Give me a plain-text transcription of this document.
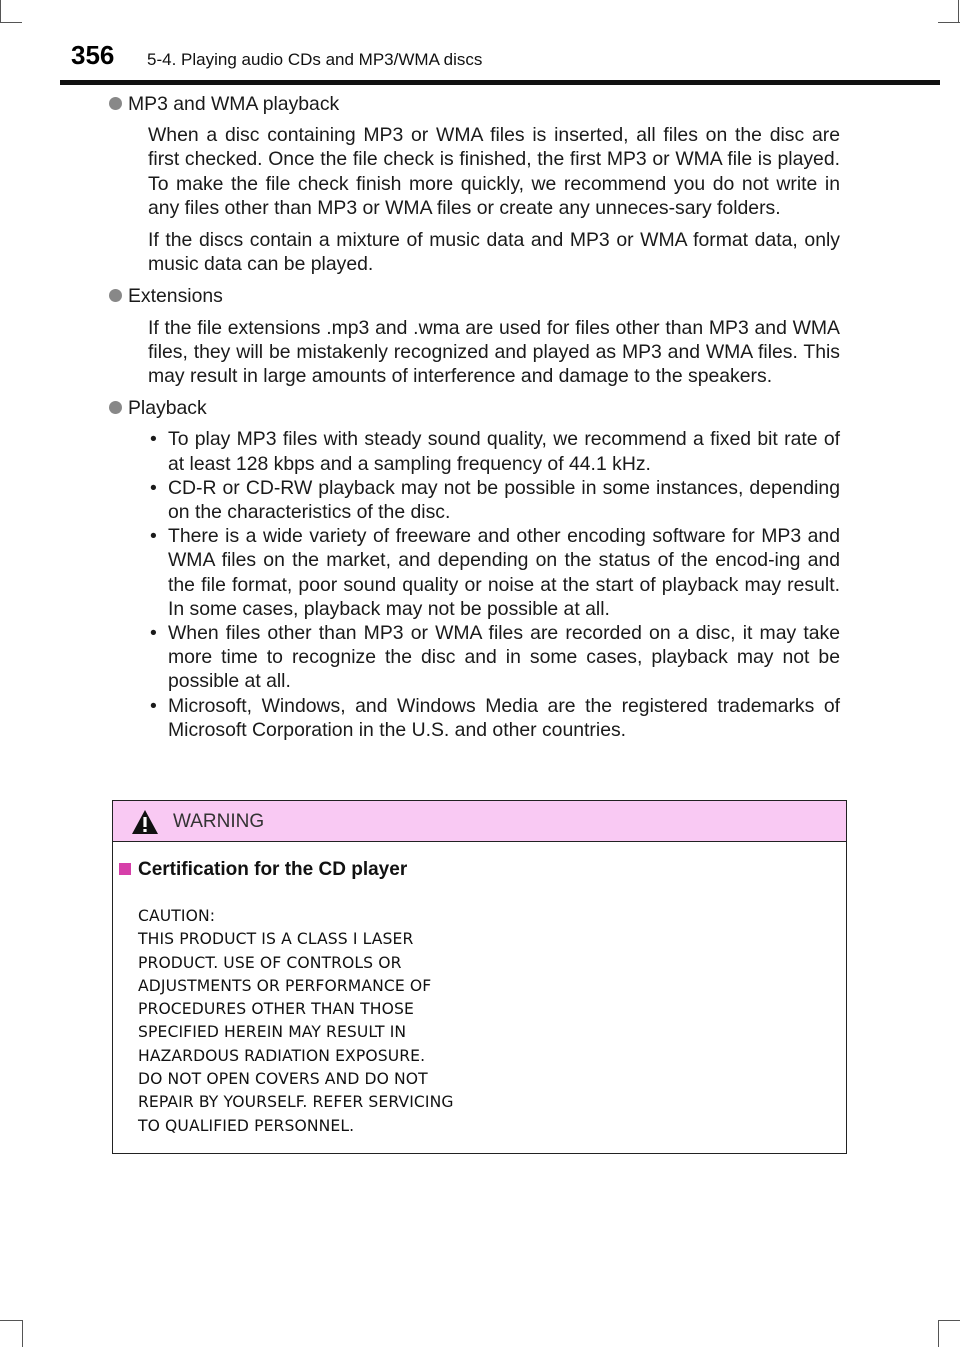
356 5-4. Playing audio CDs and MP3/WMA discs
MP3 and WMA playback

When a disc containing MP3 or WMA files is inserted, all files on the disc are first checked. Once the file check is finished, the first MP3 or WMA file is played. To make the file check finish more quickly, we recommend you do not write in any files other than MP3 or WMA files or create any unneces-sary folders.

If the discs contain a mixture of music data and MP3 or WMA format data, only music data can be played.

Extensions

If the file extensions .mp3 and .wma are used for files other than MP3 and WMA files, they will be mistakenly recognized and played as MP3 and WMA files. This may result in large amounts of interference and damage to the speakers.

Playback
• To play MP3 files with steady sound quality, we recommend a fixed bit rate of at least 128 kbps and a sampling frequency of 44.1 kHz.
• CD-R or CD-RW playback may not be possible in some instances, depending on the characteristics of the disc.
• There is a wide variety of freeware and other encoding software for MP3 and WMA files on the market, and depending on the status of the encod-ing and the file format, poor sound quality or noise at the start of playback may result. In some cases, playback may not be possible at all.
• When files other than MP3 or WMA files are recorded on a disc, it may take more time to recognize the disc and in some cases, playback may not be possible at all.
• Microsoft, Windows, and Windows Media are the registered trademarks of Microsoft Corporation in the U.S. and other countries.
WARNING
Certification for the CD player
CAUTION:
THIS PRODUCT IS A CLASS Ⅰ LASER
PRODUCT. USE OF CONTROLS OR
ADJUSTMENTS OR PERFORMANCE OF
PROCEDURES OTHER THAN THOSE
SPECIFIED HEREIN MAY RESULT IN
HAZARDOUS RADIATION EXPOSURE.
DO NOT OPEN COVERS AND DO NOT
REPAIR BY YOURSELF. REFER SERVICING
TO QUALIFIED PERSONNEL.
